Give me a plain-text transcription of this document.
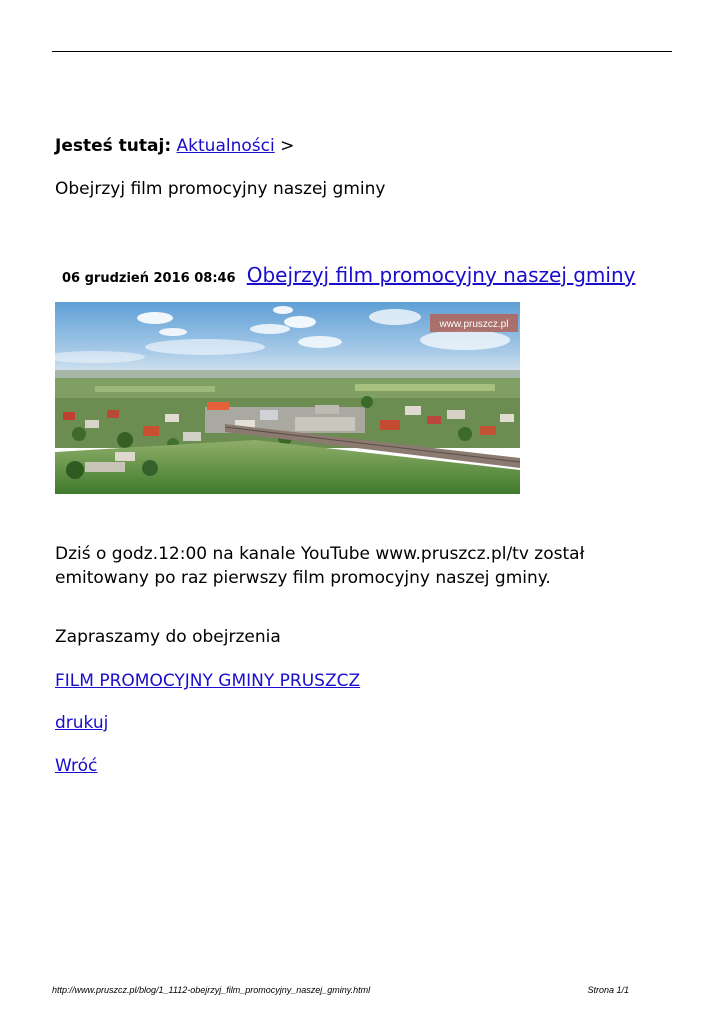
Jesteś tutaj: Aktualności >
Obejrzyj film promocyjny naszej gminy
06 grudzień 2016 08:46 Obejrzyj film promocyjny naszej gminy
www.pruszcz.pl
Dziś o godz.12:00 na kanale YouTube www.pruszcz.pl/tv został emitowany po raz pierwszy film promocyjny naszej gminy.
Zapraszamy do obejrzenia
FILM PROMOCYJNY GMINY PRUSZCZ
drukuj
Wróć
http://www.pruszcz.pl/blog/1_1112-obejrzyj_film_promocyjny_naszej_gminy.html	Strona 1/1
